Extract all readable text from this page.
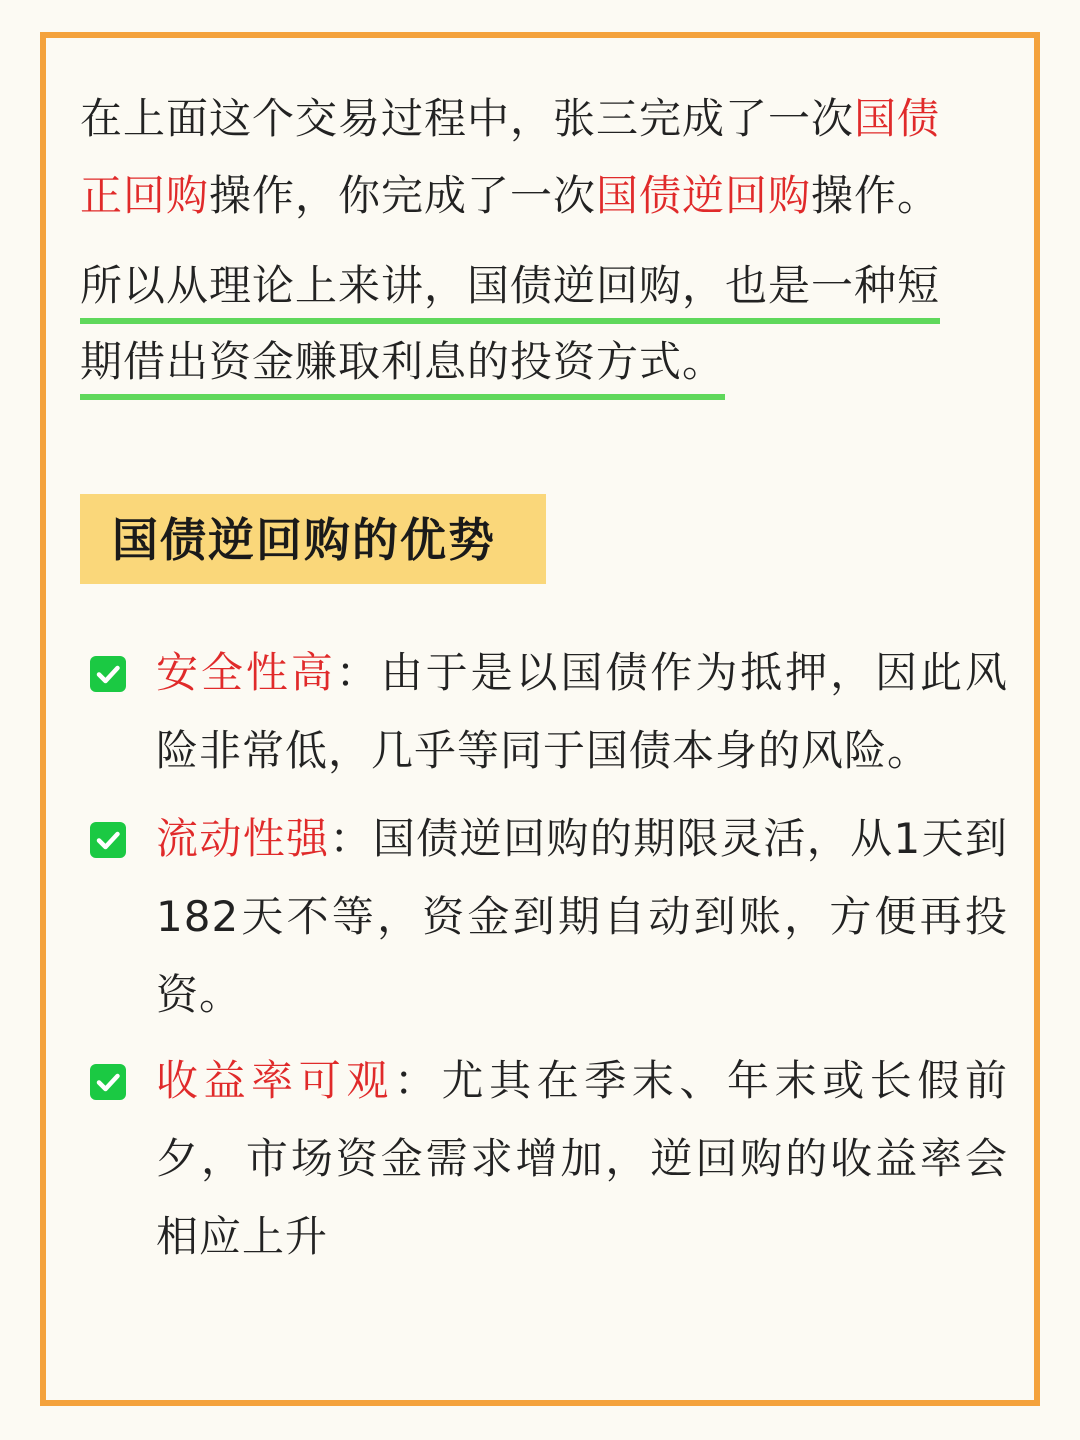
在上面这个交易过程中，张三完成了一次国债正回购操作，你完成了一次国债逆回购操作。

所以从理论上来讲，国债逆回购，也是一种短
期借出资金赚取利息的投资方式。
国债逆回购的优势

安全性高：由于是以国债作为抵押，因此风险非常低，几乎等同于国债本身的风险。

流动性强：国债逆回购的期限灵活，从1天到182天不等，资金到期自动到账，方便再投资。

收益率可观：尤其在季末、年末或长假前夕，市场资金需求增加，逆回购的收益率会相应上升
